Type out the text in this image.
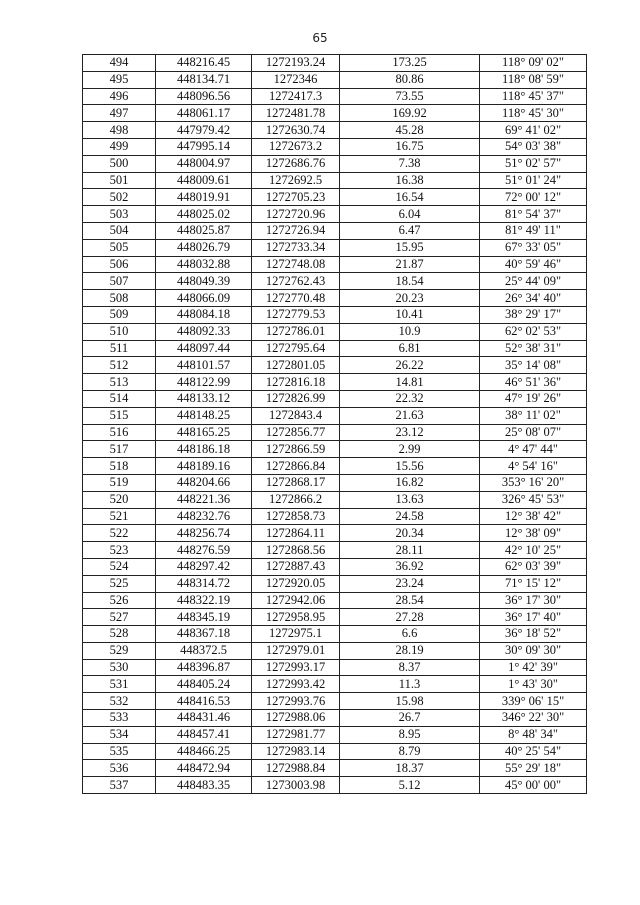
65
494	448216.45	1272193.24	173.25	118° 09' 02"
495	448134.71	1272346	80.86	118° 08' 59"
496	448096.56	1272417.3	73.55	118° 45' 37"
497	448061.17	1272481.78	169.92	118° 45' 30"
498	447979.42	1272630.74	45.28	69° 41' 02"
499	447995.14	1272673.2	16.75	54° 03' 38"
500	448004.97	1272686.76	7.38	51° 02' 57"
501	448009.61	1272692.5	16.38	51° 01' 24"
502	448019.91	1272705.23	16.54	72° 00' 12"
503	448025.02	1272720.96	6.04	81° 54' 37"
504	448025.87	1272726.94	6.47	81° 49' 11"
505	448026.79	1272733.34	15.95	67° 33' 05"
506	448032.88	1272748.08	21.87	40° 59' 46"
507	448049.39	1272762.43	18.54	25° 44' 09"
508	448066.09	1272770.48	20.23	26° 34' 40"
509	448084.18	1272779.53	10.41	38° 29' 17"
510	448092.33	1272786.01	10.9	62° 02' 53"
511	448097.44	1272795.64	6.81	52° 38' 31"
512	448101.57	1272801.05	26.22	35° 14' 08"
513	448122.99	1272816.18	14.81	46° 51' 36"
514	448133.12	1272826.99	22.32	47° 19' 26"
515	448148.25	1272843.4	21.63	38° 11' 02"
516	448165.25	1272856.77	23.12	25° 08' 07"
517	448186.18	1272866.59	2.99	4° 47' 44"
518	448189.16	1272866.84	15.56	4° 54' 16"
519	448204.66	1272868.17	16.82	353° 16' 20"
520	448221.36	1272866.2	13.63	326° 45' 53"
521	448232.76	1272858.73	24.58	12° 38' 42"
522	448256.74	1272864.11	20.34	12° 38' 09"
523	448276.59	1272868.56	28.11	42° 10' 25"
524	448297.42	1272887.43	36.92	62° 03' 39"
525	448314.72	1272920.05	23.24	71° 15' 12"
526	448322.19	1272942.06	28.54	36° 17' 30"
527	448345.19	1272958.95	27.28	36° 17' 40"
528	448367.18	1272975.1	6.6	36° 18' 52"
529	448372.5	1272979.01	28.19	30° 09' 30"
530	448396.87	1272993.17	8.37	1° 42' 39"
531	448405.24	1272993.42	11.3	1° 43' 30"
532	448416.53	1272993.76	15.98	339° 06' 15"
533	448431.46	1272988.06	26.7	346° 22' 30"
534	448457.41	1272981.77	8.95	8° 48' 34"
535	448466.25	1272983.14	8.79	40° 25' 54"
536	448472.94	1272988.84	18.37	55° 29' 18"
537	448483.35	1273003.98	5.12	45° 00' 00"
